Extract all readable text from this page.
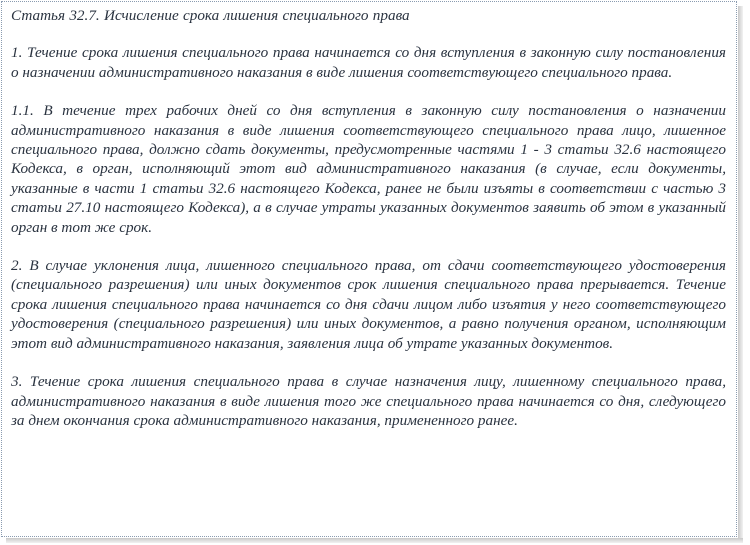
Статья 32.7. Исчисление срока лишения специального права

1. Течение срока лишения специального права начинается со дня вступления в законную силу постановления о назначении административного наказания в виде лишения соответствующего специального права.

1.1. В течение трех рабочих дней со дня вступления в законную силу постановления о назначении административного наказания в виде лишения соответствующего специального права лицо, лишенное специального права, должно сдать документы, предусмотренные частями 1 - 3 статьи 32.6 настоящего Кодекса, в орган, исполняющий этот вид административного наказания (в случае, если документы, указанные в части 1 статьи 32.6 настоящего Кодекса, ранее не были изъяты в соответствии с частью 3 статьи 27.10 настоящего Кодекса), а в случае утраты указанных документов заявить об этом в указанный орган в тот же срок.

2. В случае уклонения лица, лишенного специального права, от сдачи соответствующего удостоверения (специального разрешения) или иных документов срок лишения специального права прерывается. Течение срока лишения специального права начинается со дня сдачи лицом либо изъятия у него соответствующего удостоверения (специального разрешения) или иных документов, а равно получения органом, исполняющим этот вид административного наказания, заявления лица об утрате указанных документов.

3. Течение срока лишения специального права в случае назначения лицу, лишенному специального права, административного наказания в виде лишения того же специального права начинается со дня, следующего за днем окончания срока административного наказания, примененного ранее.
